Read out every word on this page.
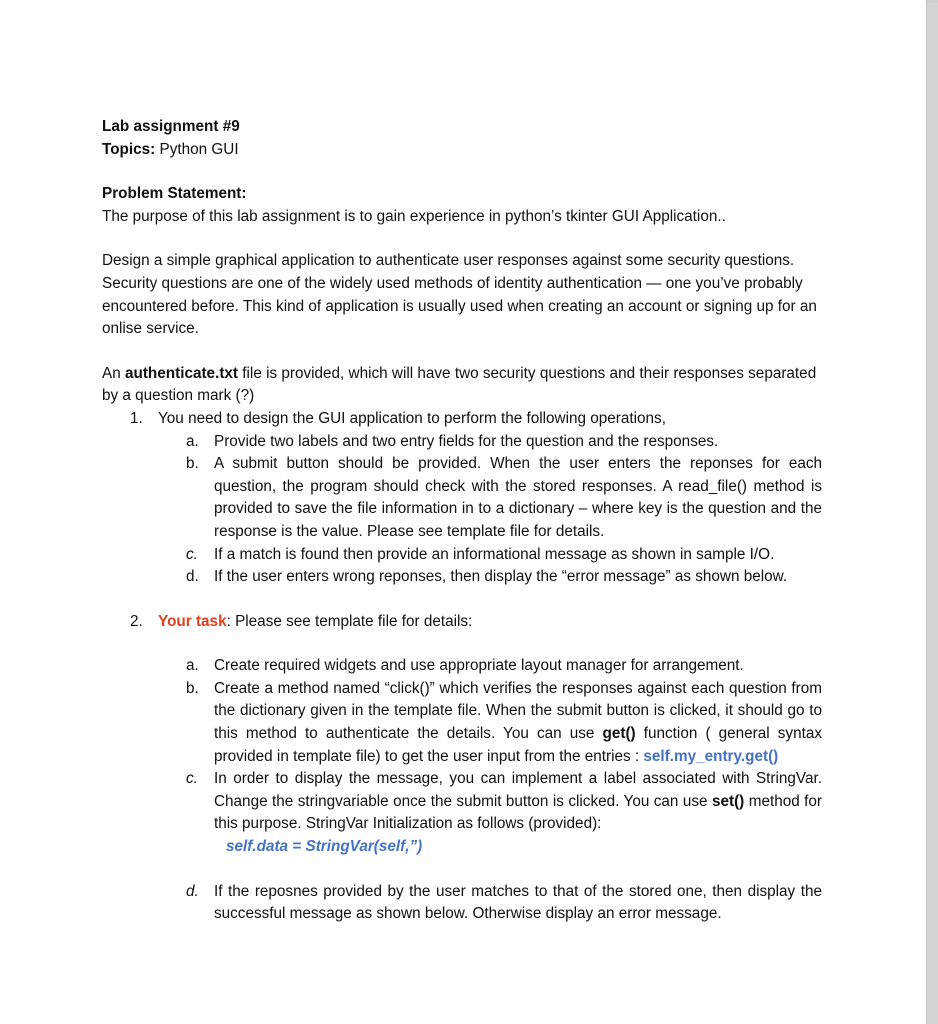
Lab assignment #9

Topics: Python GUI

Problem Statement:

The purpose of this lab assignment is to gain experience in python’s tkinter GUI Application..

Design a simple graphical application to authenticate user responses against some security questions. Security questions are one of the widely used methods of identity authentication — one you’ve probably encountered before. This kind of application is usually used when creating an account or signing up for an onlise service.

An authenticate.txt file is provided, which will have two security questions and their responses separated by a question mark (?)

1. You need to design the GUI application to perform the following operations,
a. Provide two labels and two entry fields for the question and the responses.
b. A submit button should be provided. When the user enters the reponses for each question, the program should check with the stored responses. A read_file() method is provided to save the file information in to a dictionary – where key is the question and the response is the value. Please see template file for details.
c. If a match is found then provide an informational message as shown in sample I/O.
d. If the user enters wrong reponses, then display the “error message” as shown below.
2. Your task: Please see template file for details:
a. Create required widgets and use appropriate layout manager for arrangement.
b. Create a method named “click()” which verifies the responses against each question from the dictionary given in the template file. When the submit button is clicked, it should go to this method to authenticate the details. You can use get() function ( general syntax provided in template file) to get the user input from the entries : self.my_entry.get()
c. In order to display the message, you can implement a label associated with StringVar. Change the stringvariable once the submit button is clicked. You can use set() method for this purpose. StringVar Initialization as follows (provided):
self.data = StringVar(self,”)
d. If the reposnes provided by the user matches to that of the stored one, then display the successful message as shown below. Otherwise display an error message.
